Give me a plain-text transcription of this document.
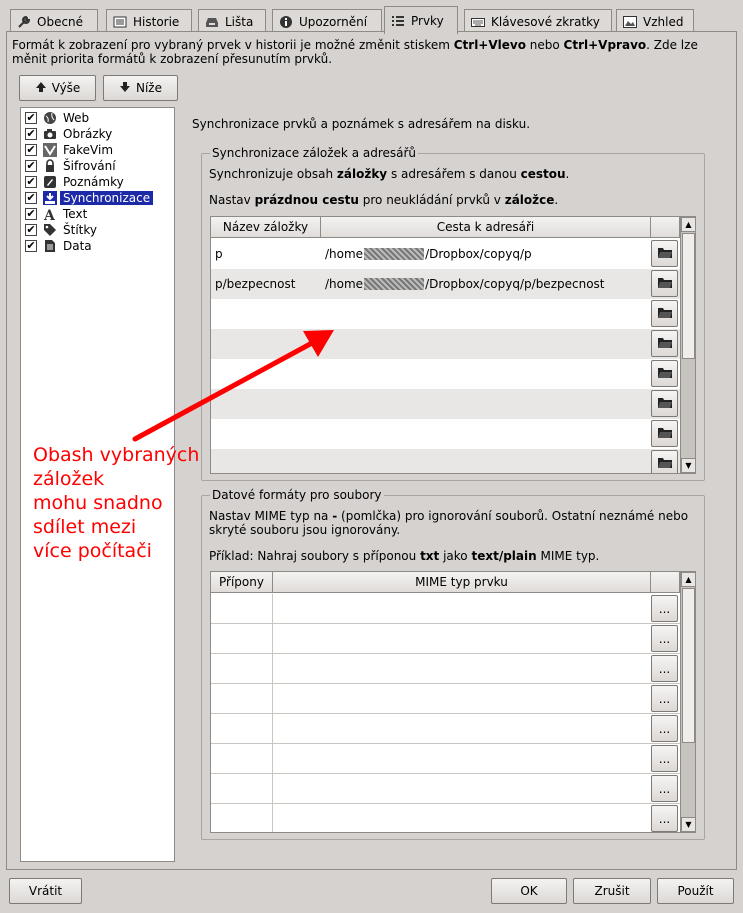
Obecné	Historie	Lišta	Upozornění	Prvky	Klávesové zkratky	Vzhled
Formát k zobrazení pro vybraný prvek v historii je možné změnit stiskem Ctrl+Vlevo nebo Ctrl+Vpravo. Zde lze měnit priorita formátů k zobrazení přesunutím prvků.
Výše	Níže
✔ Web
✔ Obrázky
✔ FakeVim
✔ Šifrování
✔ Poznámky
✔ Synchronizace
✔ A Text
✔ Štítky
✔ Data
Synchronizace prvků a poznámek s adresářem na disku.
Synchronizace záložek a adresářů
Synchronizuje obsah záložky s adresářem s danou cestou.
Nastav prázdnou cestu pro neukládání prvků v záložce.
Název záložky	Cesta k adresáři
p	/home	/Dropbox/copyq/p
p/bezpecnost	/home	/Dropbox/copyq/p/bezpecnost
▲
▼
Datové formáty pro soubory
Nastav MIME typ na - (pomlčka) pro ignorování souborů. Ostatní neznámé nebo skryté souboru jsou ignorovány.
Příklad: Nahraj soubory s příponou txt jako text/plain MIME typ.
Přípony	MIME typ prvku
...
...
...
...
...
...
...
...
▲
▼
Obash vybraných
záložek
mohu snadno
sdílet mezi
více počítači
Vrátit	OK	Zrušit	Použít
